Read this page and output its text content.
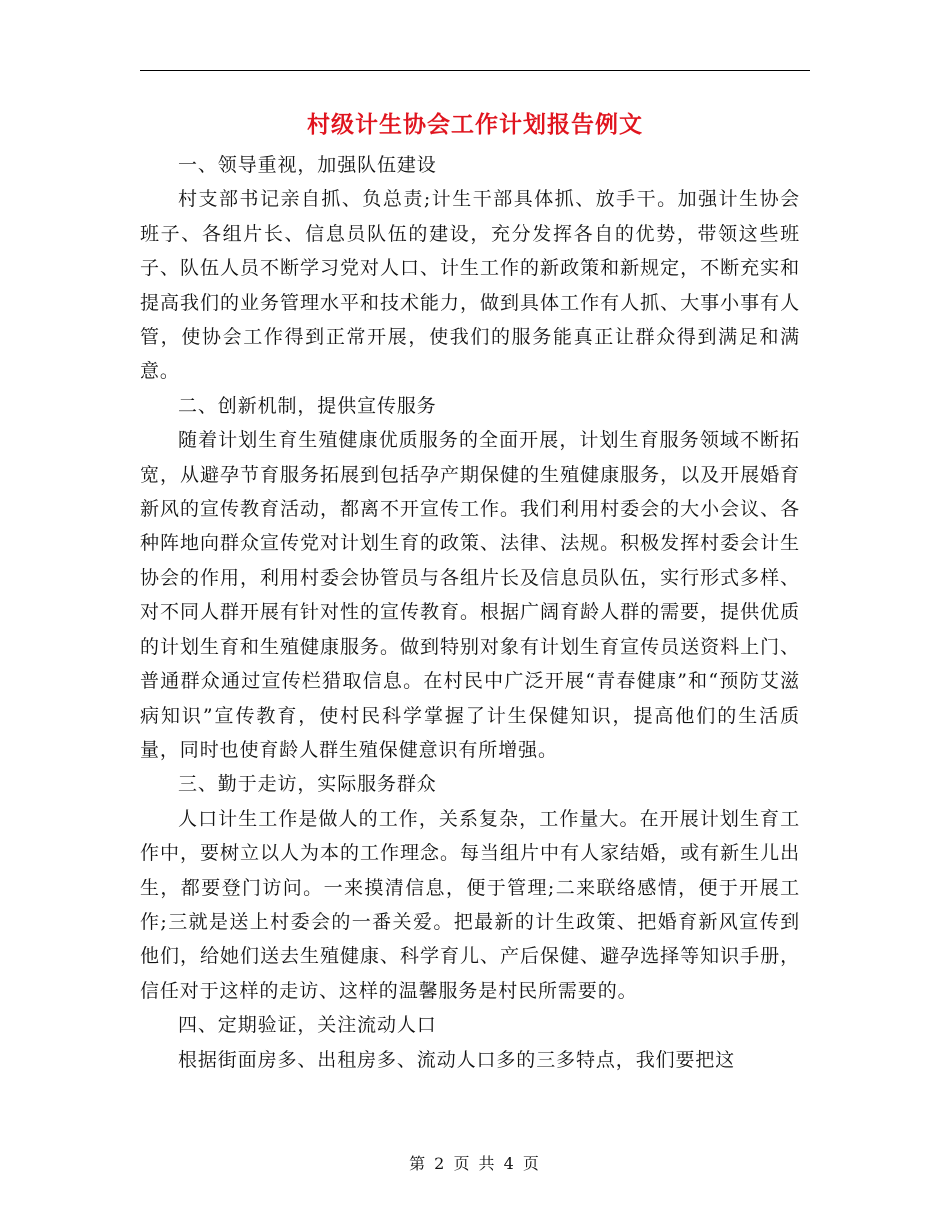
村级计生协会工作计划报告例文

一、领导重视，加强队伍建设

村支部书记亲自抓、负总责;计生干部具体抓、放手干。加强计生协会班子、各组片长、信息员队伍的建设，充分发挥各自的优势，带领这些班子、队伍人员不断学习党对人口、计生工作的新政策和新规定，不断充实和提高我们的业务管理水平和技术能力，做到具体工作有人抓、大事小事有人管，使协会工作得到正常开展，使我们的服务能真正让群众得到满足和满意。

二、创新机制，提供宣传服务

随着计划生育生殖健康优质服务的全面开展，计划生育服务领域不断拓宽，从避孕节育服务拓展到包括孕产期保健的生殖健康服务，以及开展婚育新风的宣传教育活动，都离不开宣传工作。我们利用村委会的大小会议、各种阵地向群众宣传党对计划生育的政策、法律、法规。积极发挥村委会计生协会的作用，利用村委会协管员与各组片长及信息员队伍，实行形式多样、对不同人群开展有针对性的宣传教育。根据广阔育龄人群的需要，提供优质的计划生育和生殖健康服务。做到特别对象有计划生育宣传员送资料上门、普通群众通过宣传栏猎取信息。在村民中广泛开展“青春健康”和“预防艾滋病知识”宣传教育，使村民科学掌握了计生保健知识，提高他们的生活质量，同时也使育龄人群生殖保健意识有所增强。

三、勤于走访，实际服务群众

人口计生工作是做人的工作，关系复杂，工作量大。在开展计划生育工作中，要树立以人为本的工作理念。每当组片中有人家结婚，或有新生儿出生，都要登门访问。一来摸清信息，便于管理;二来联络感情，便于开展工作;三就是送上村委会的一番关爱。把最新的计生政策、把婚育新风宣传到他们，给她们送去生殖健康、科学育儿、产后保健、避孕选择等知识手册，信任对于这样的走访、这样的温馨服务是村民所需要的。

四、定期验证，关注流动人口

根据街面房多、出租房多、流动人口多的三多特点，我们要把这

第 2 页 共 4 页
